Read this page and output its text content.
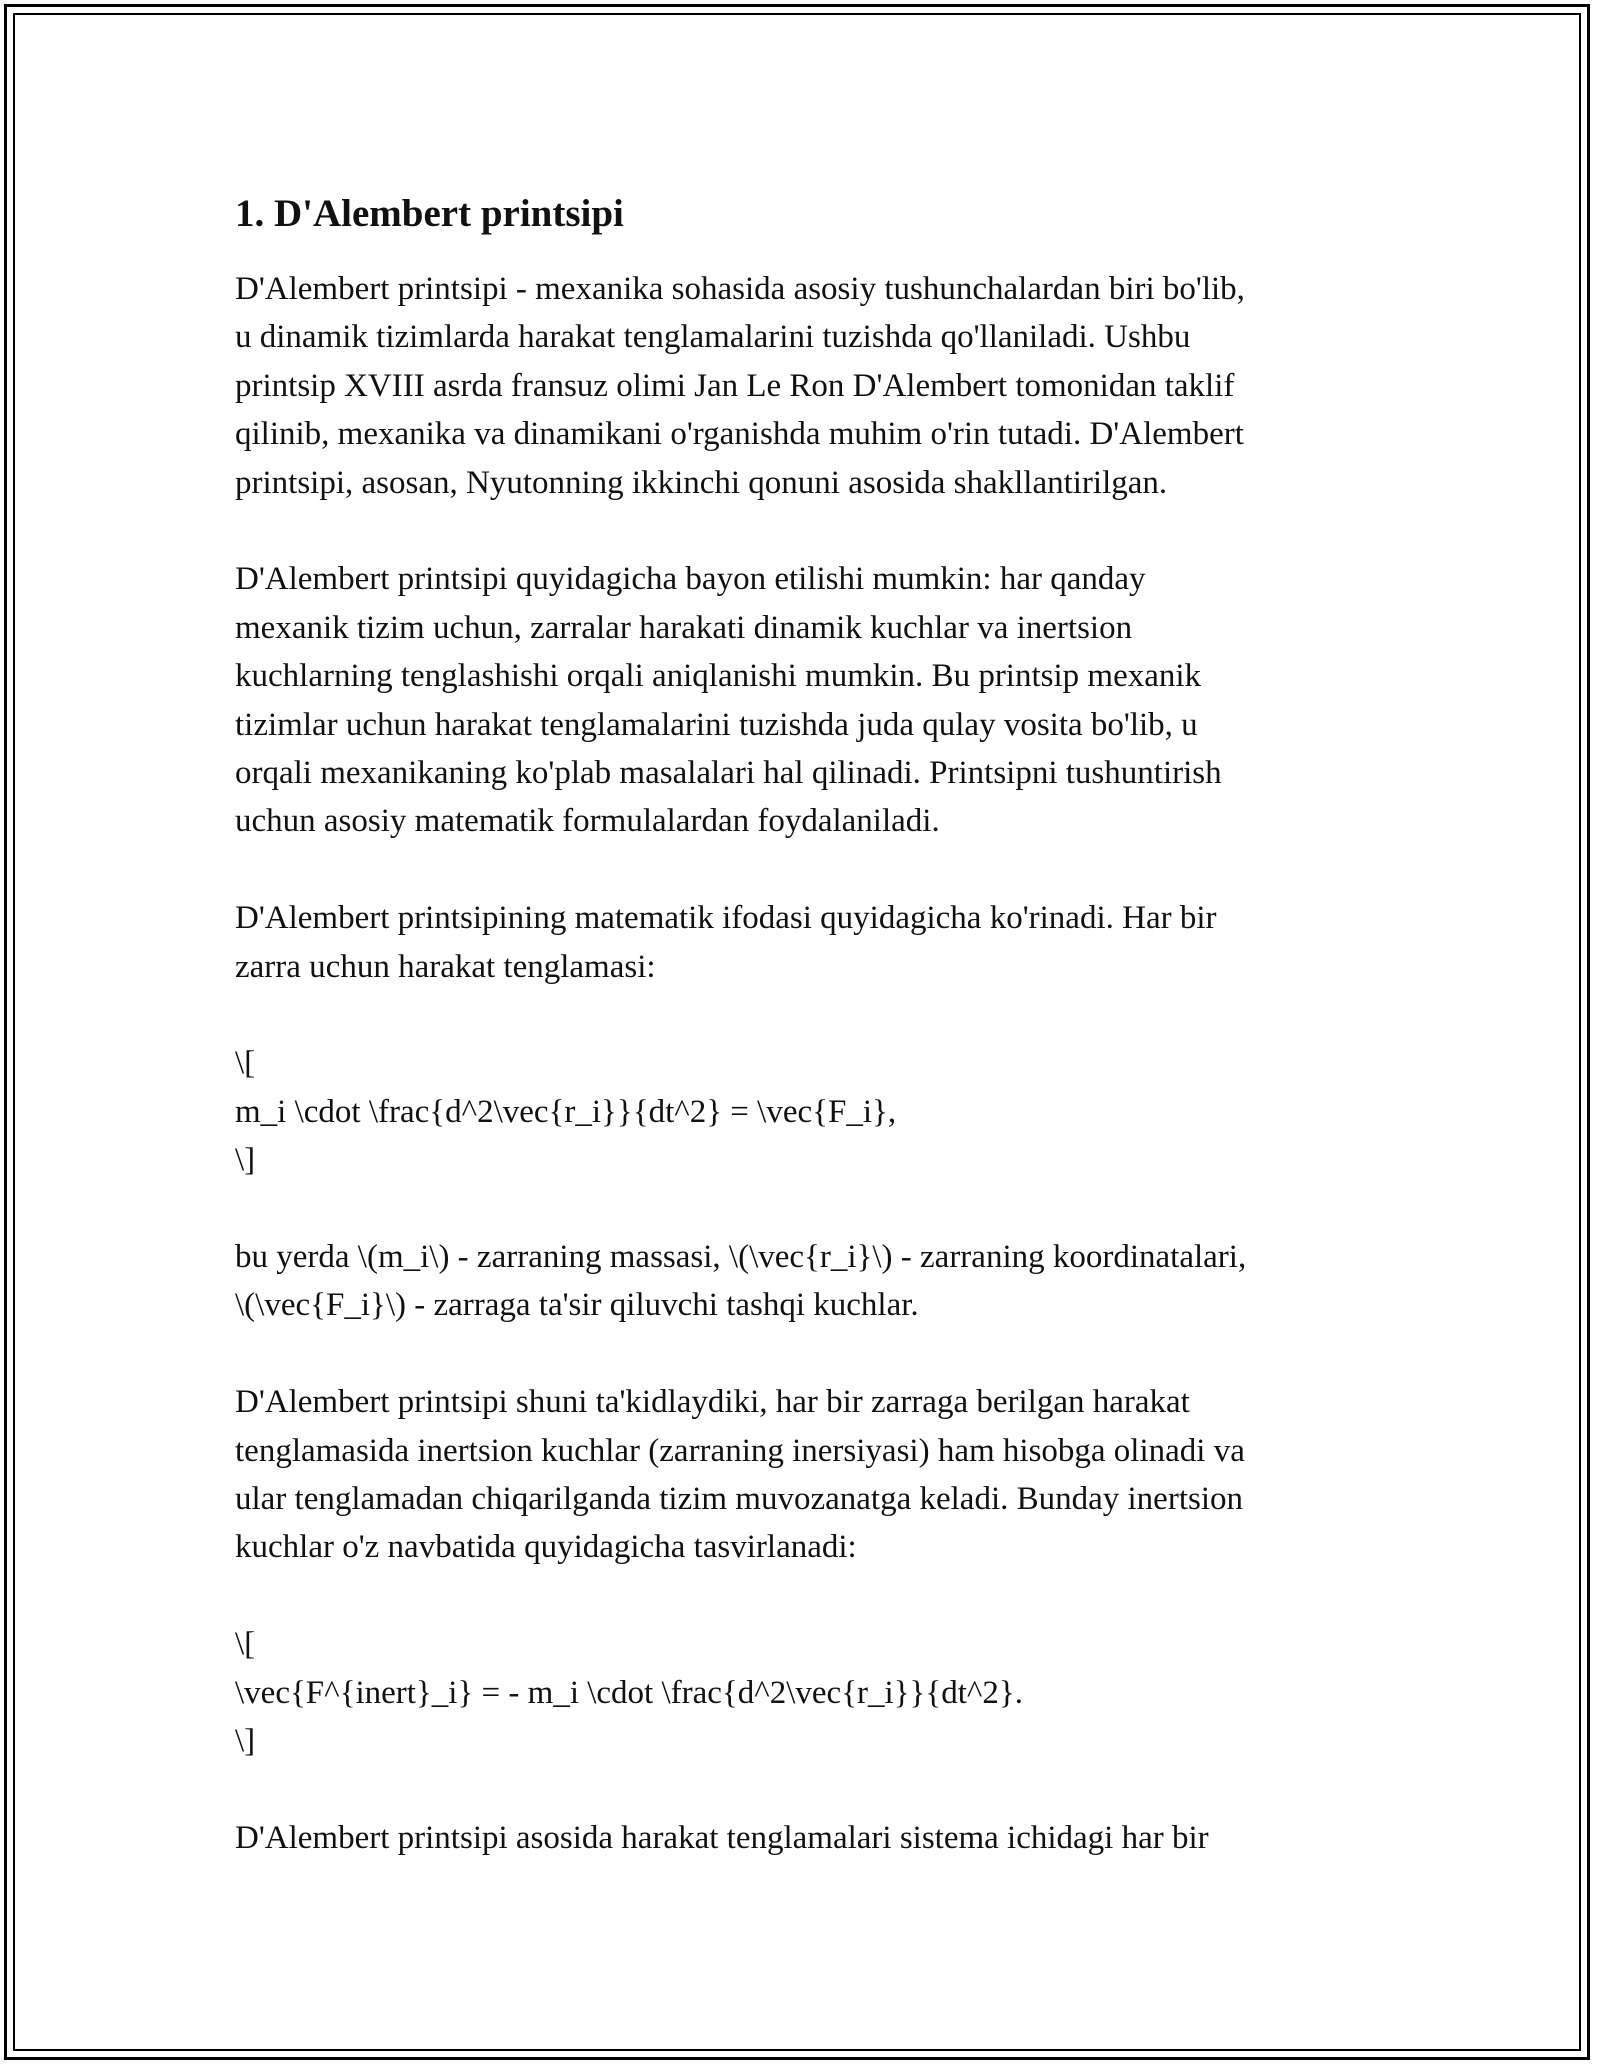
1. D'Alembert printsipi

D'Alembert printsipi - mexanika sohasida asosiy tushunchalardan biri bo'lib,
u dinamik tizimlarda harakat tenglamalarini tuzishda qo'llaniladi. Ushbu
printsip XVIII asrda fransuz olimi Jan Le Ron D'Alembert tomonidan taklif
qilinib, mexanika va dinamikani o'rganishda muhim o'rin tutadi. D'Alembert
printsipi, asosan, Nyutonning ikkinchi qonuni asosida shakllantirilgan.

D'Alembert printsipi quyidagicha bayon etilishi mumkin: har qanday
mexanik tizim uchun, zarralar harakati dinamik kuchlar va inertsion
kuchlarning tenglashishi orqali aniqlanishi mumkin. Bu printsip mexanik
tizimlar uchun harakat tenglamalarini tuzishda juda qulay vosita bo'lib, u
orqali mexanikaning ko'plab masalalari hal qilinadi. Printsipni tushuntirish
uchun asosiy matematik formulalardan foydalaniladi.

D'Alembert printsipining matematik ifodasi quyidagicha ko'rinadi. Har bir
zarra uchun harakat tenglamasi:

\[
m_i \cdot \frac{d^2\vec{r_i}}{dt^2} = \vec{F_i},
\]

bu yerda \(m_i\) - zarraning massasi, \(\vec{r_i}\) - zarraning koordinatalari,
\(\vec{F_i}\) - zarraga ta'sir qiluvchi tashqi kuchlar.

D'Alembert printsipi shuni ta'kidlaydiki, har bir zarraga berilgan harakat
tenglamasida inertsion kuchlar (zarraning inersiyasi) ham hisobga olinadi va
ular tenglamadan chiqarilganda tizim muvozanatga keladi. Bunday inertsion
kuchlar o'z navbatida quyidagicha tasvirlanadi:

\[
\vec{F^{inert}_i} = - m_i \cdot \frac{d^2\vec{r_i}}{dt^2}.
\]

D'Alembert printsipi asosida harakat tenglamalari sistema ichidagi har bir
